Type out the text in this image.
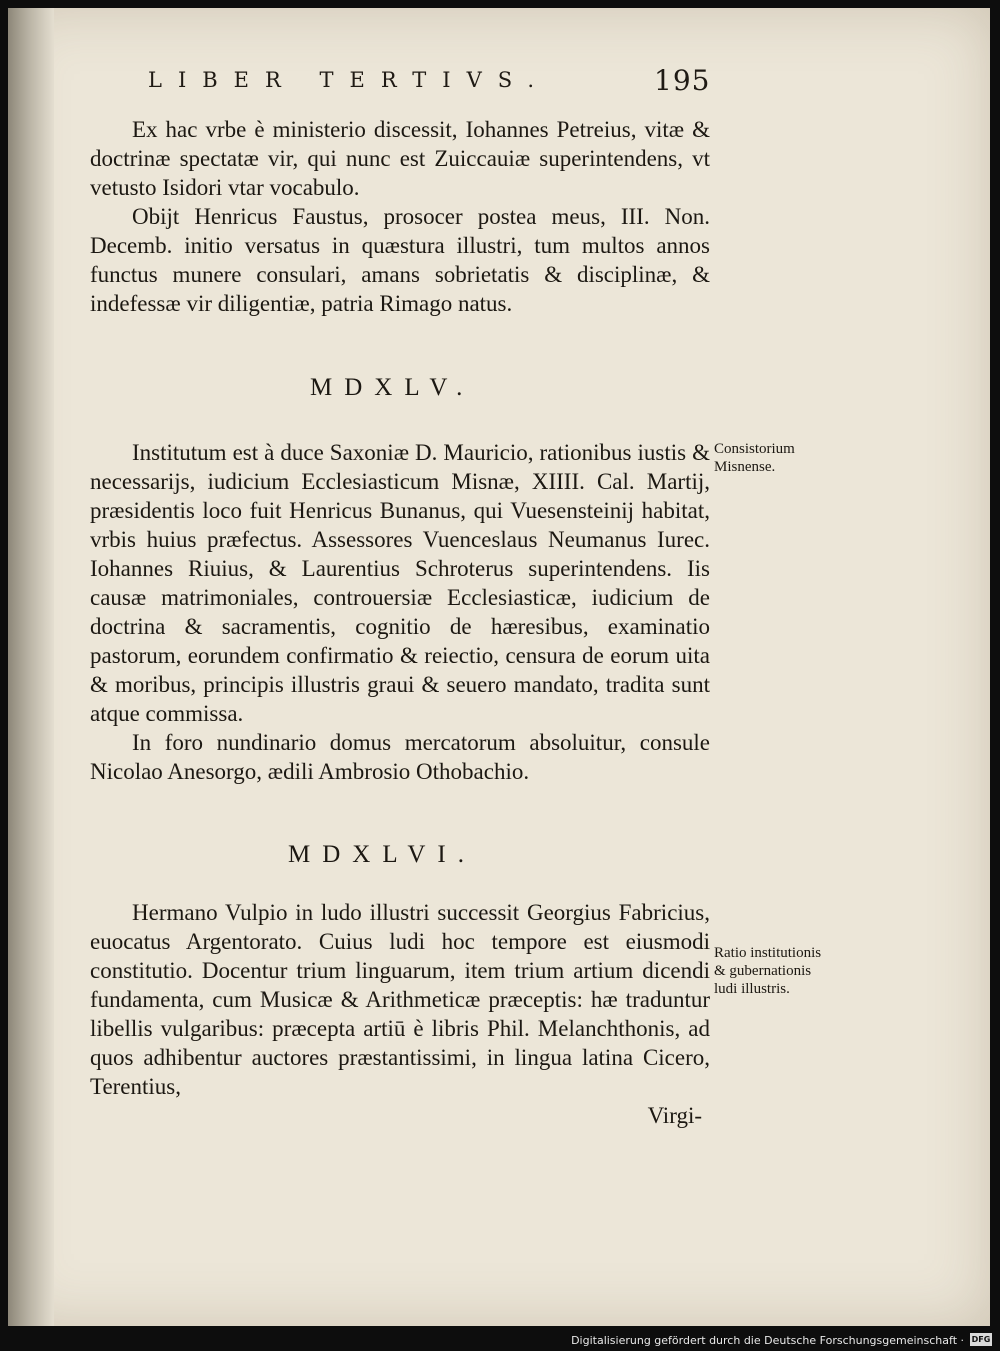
LIBER TERTIVS.	195

Ex hac vrbe è ministerio discessit, Iohannes Petreius, vitæ & doctrinæ spectatæ vir, qui nunc est Zuiccauiæ superintendens, vt vetusto Isidori vtar vocabulo.

Obijt Henricus Faustus, prosocer postea meus, III. Non. Decemb. initio versatus in quæstura illustri, tum multos annos functus munere consulari, amans sobrietatis & disciplinæ, & indefessæ vir diligentiæ, patria Rimago natus.

MDXLV.

Institutum est à duce Saxoniæ D. Mauricio, rationibus iustis & necessarijs, iudicium Ecclesiasticum Misnæ, XIIII. Cal. Martij, præsidentis loco fuit Henricus Bunanus, qui Vuesensteinij habitat, vrbis huius præfectus. Assessores Vuenceslaus Neumanus Iurec. Iohannes Riuius, & Laurentius Schroterus superintendens. Iis causæ matrimoniales, controuersiæ Ecclesiasticæ, iudicium de doctrina & sacramentis, cognitio de hæresibus, examinatio pastorum, eorundem confirmatio & reiectio, censura de eorum uita & moribus, principis illustris graui & seuero mandato, tradita sunt atque commissa.

In foro nundinario domus mercatorum absoluitur, consule Nicolao Anesorgo, ædili Ambrosio Othobachio.

MDXLVI.

Hermano Vulpio in ludo illustri successit Georgius Fabricius, euocatus Argentorato. Cuius ludi hoc tempore est eiusmodi constitutio. Docentur trium linguarum, item trium artium dicendi fundamenta, cum Musicæ & Arithmeticæ præceptis: hæ traduntur libellis vulgaribus: præcepta artiū è libris Phil. Melanchthonis, ad quos adhibentur auctores præstantissimi, in lingua latina Cicero, Terentius,

Virgi-

Consistorium Misnense.
Ratio institutionis & gubernationis ludi illustris.
Digitalisierung gefördert durch die Deutsche Forschungsgemeinschaft · DFG
